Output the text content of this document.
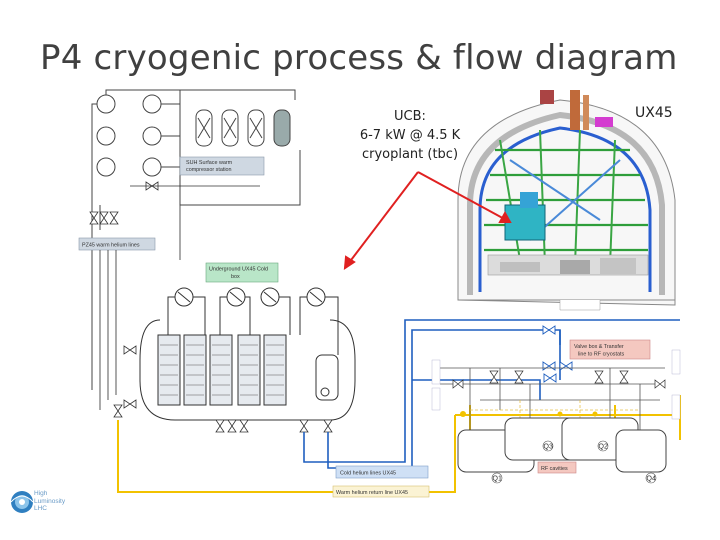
SUH Surface warm
compressor station
PZ45 warm helium lines
Underground UX45 Cold
box
Valve box & Transfer
line to RF cryostats
Q1
Q3	Q2
Q4
RF cavities
Cold helium lines UX45
Warm helium return line UX45
P4 cryogenic process & flow diagram
UCB:
6-7 kW @ 4.5 K
cryoplant (tbc)
UX45
High
Luminosity
LHC
